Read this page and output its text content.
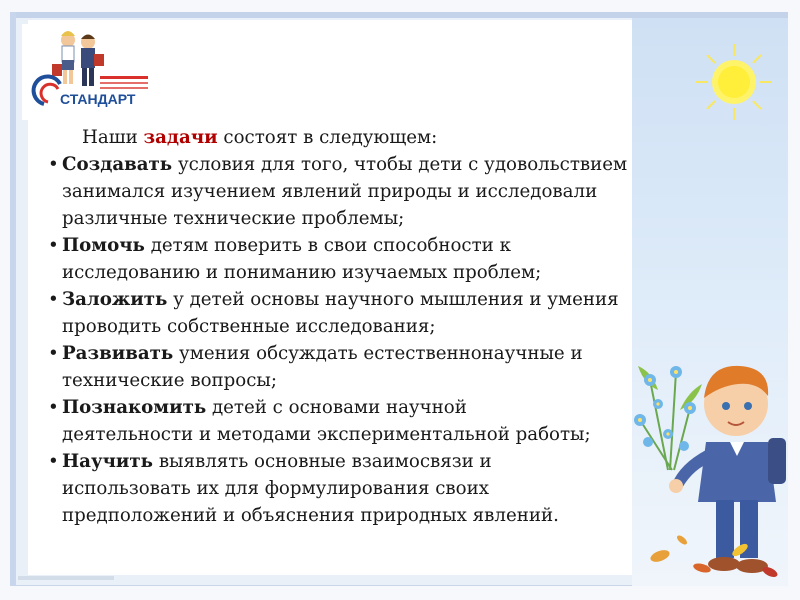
СТАНДАРТ
Наши задачи состоят в следующем:
• Создавать условия для того, чтобы дети с удовольствием
занимался изучением явлений природы и исследовали
различные технические проблемы;
• Помочь детям поверить в свои способности к
исследованию и пониманию изучаемых проблем;
• Заложить у детей основы научного мышления и умения
проводить собственные исследования;
• Развивать умения обсуждать естественнонаучные и
технические вопросы;
• Познакомить детей с основами научной
деятельности и методами экспериментальной работы;
• Научить выявлять основные взаимосвязи и
использовать их для формулирования своих
предположений и объяснения природных явлений.
